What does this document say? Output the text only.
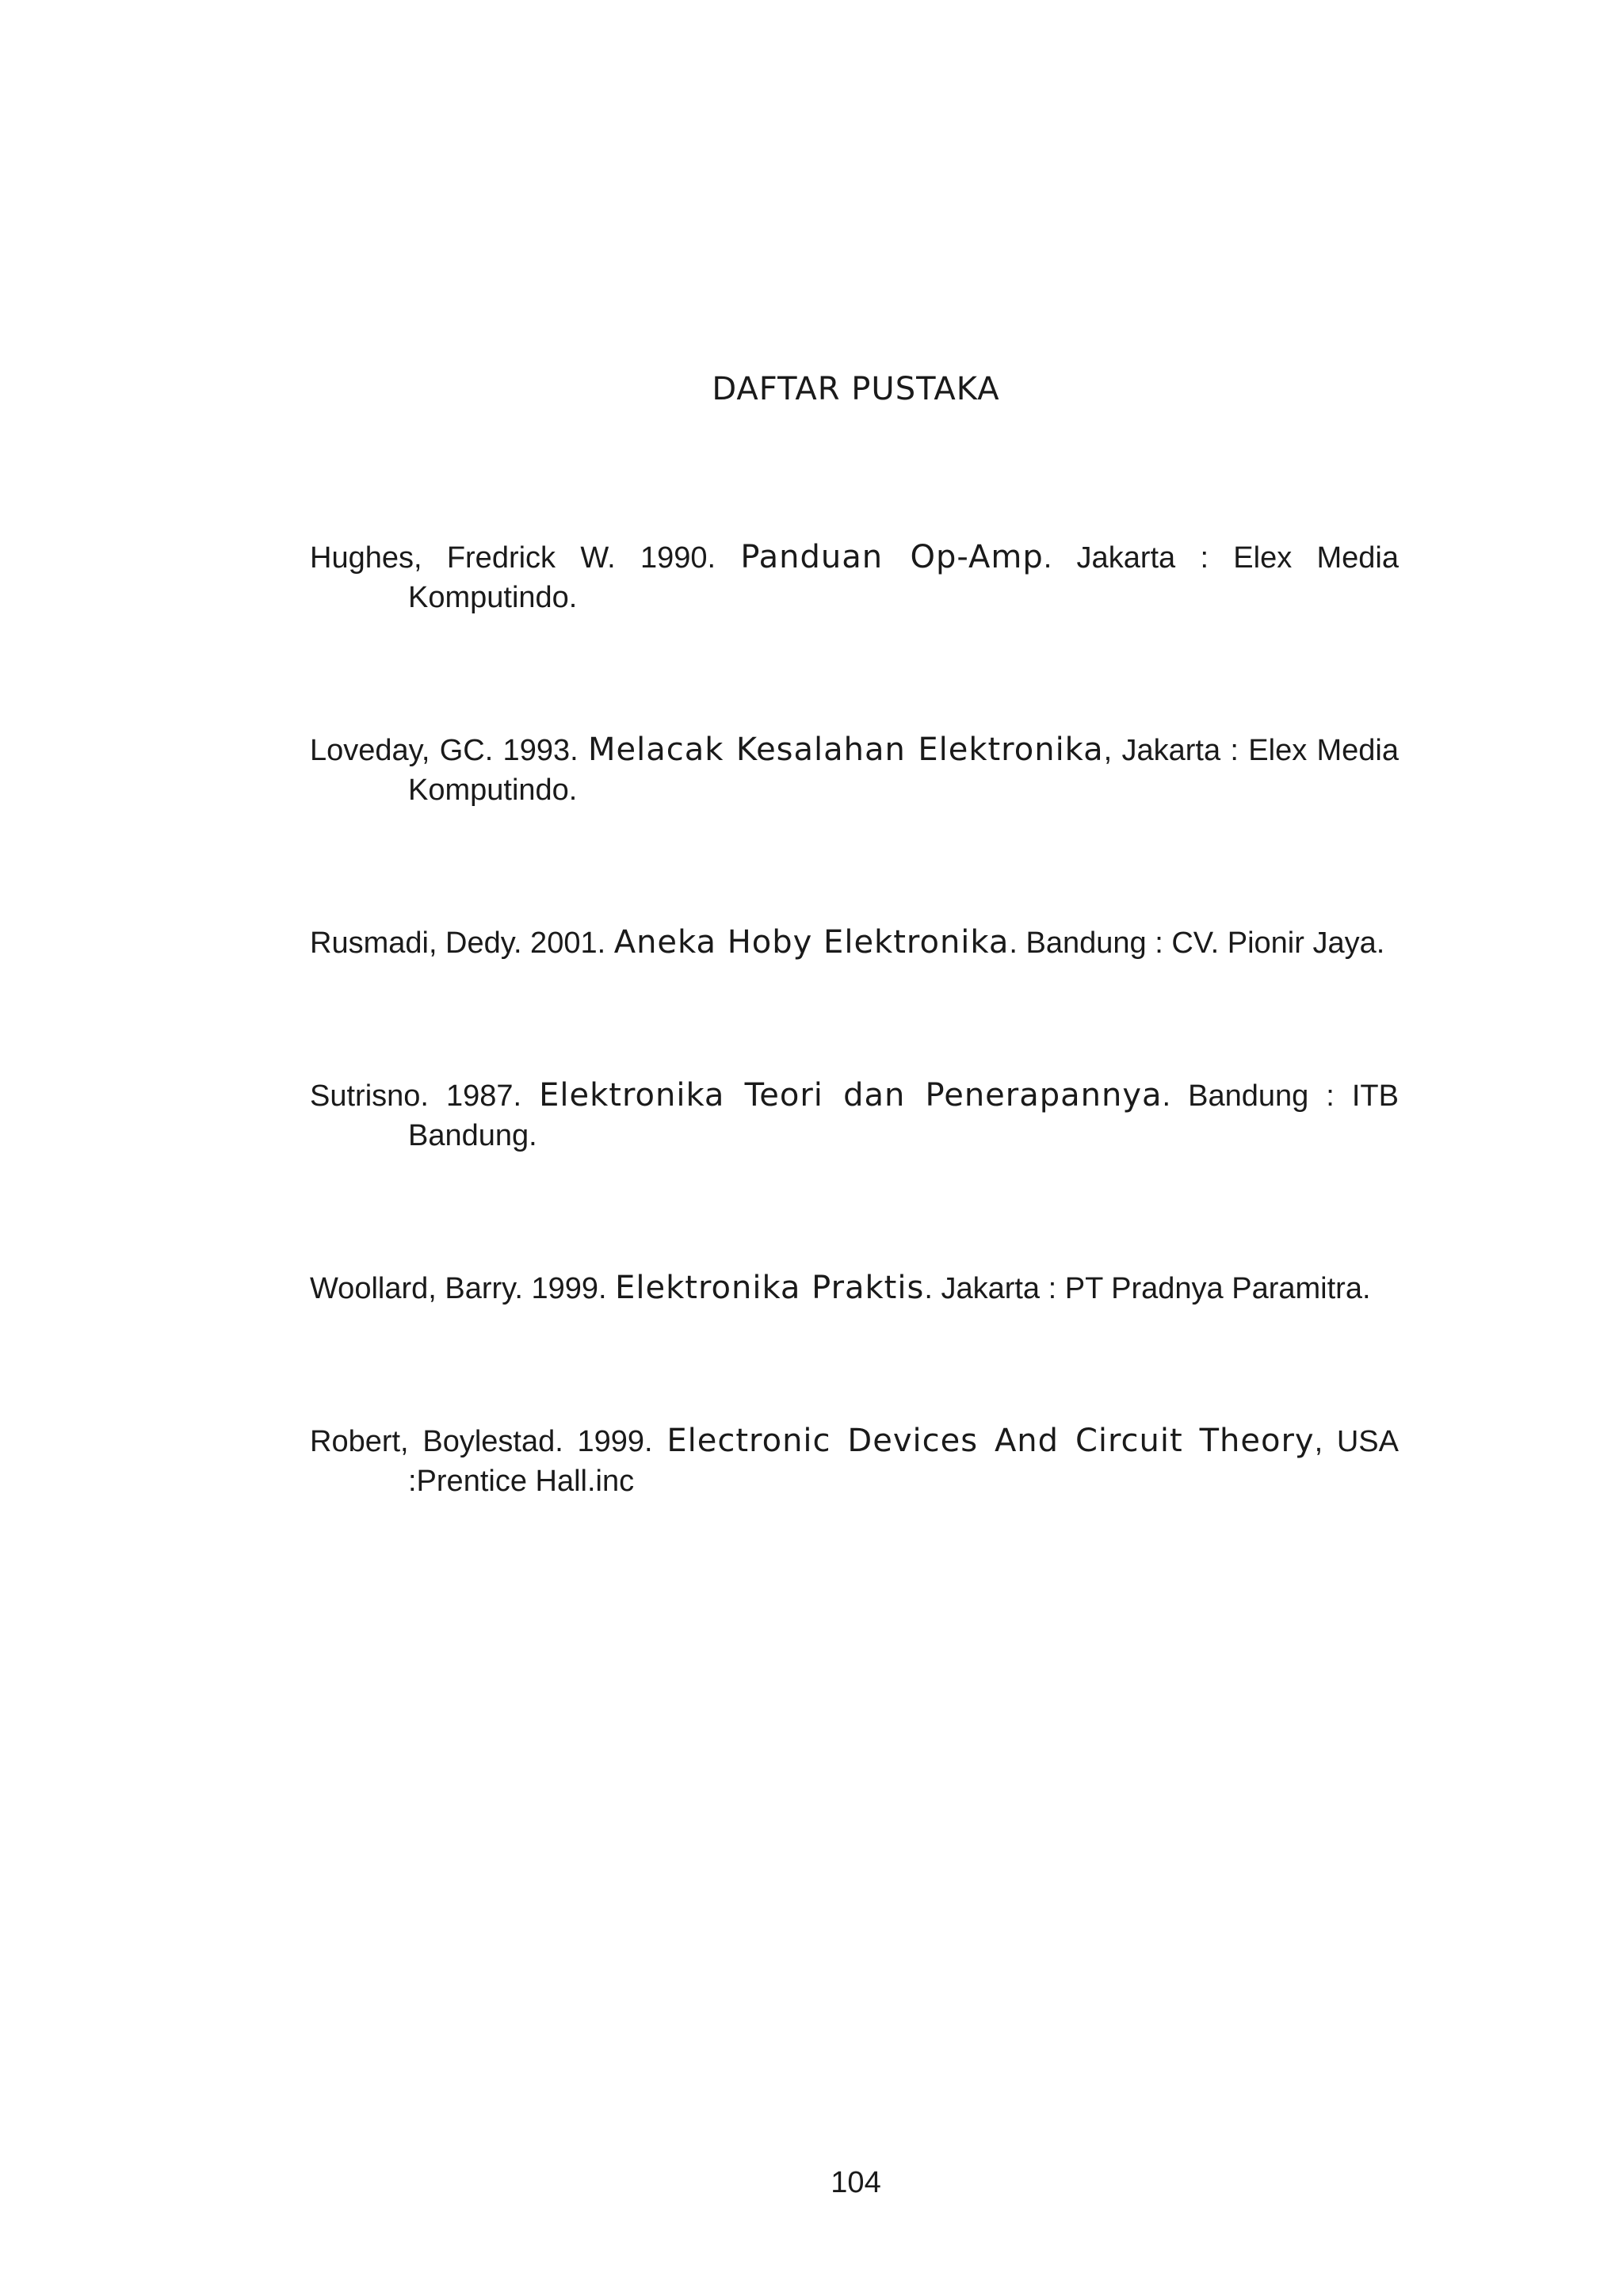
DAFTAR PUSTAKA
Hughes, Fredrick W. 1990. Panduan Op-Amp. Jakarta : Elex Media Komputindo.
Loveday, GC. 1993. Melacak Kesalahan Elektronika, Jakarta : Elex Media Komputindo.
Rusmadi, Dedy. 2001. Aneka Hoby Elektronika. Bandung : CV. Pionir Jaya.
Sutrisno. 1987. Elektronika Teori dan Penerapannya. Bandung : ITB Bandung.
Woollard, Barry. 1999. Elektronika Praktis. Jakarta : PT Pradnya Paramitra.
Robert, Boylestad. 1999. Electronic Devices And Circuit Theory, USA :Prentice Hall.inc
104
